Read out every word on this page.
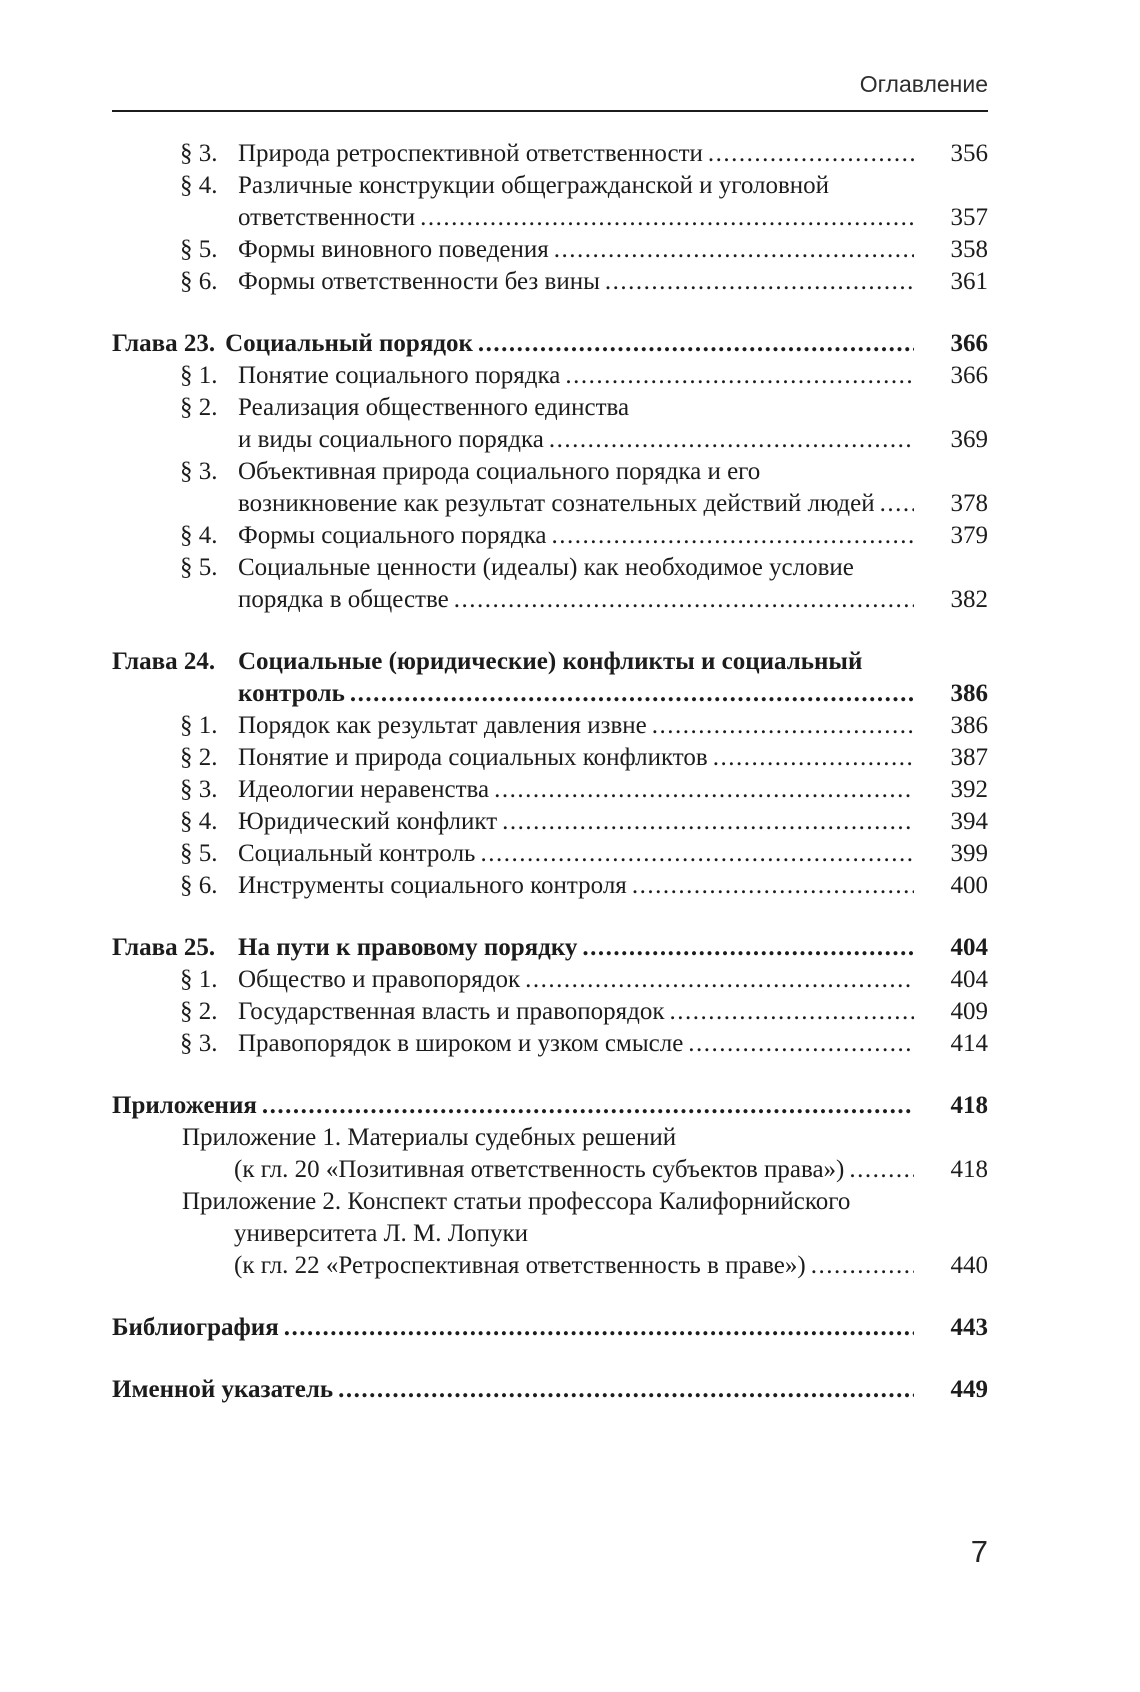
Оглавление
§ 3. Природа ретроспективной ответственности .....	356
§ 4. Различные конструкции общегражданской и уголовной
ответственности .....	357
§ 5. Формы виновного поведения .....	358
§ 6. Формы ответственности без вины .....	361
Глава 23. Социальный порядок .....	366
§ 1. Понятие социального порядка .....	366
§ 2. Реализация общественного единства
и виды социального порядка .....	369
§ 3. Объективная природа социального порядка и его
возникновение как результат сознательных действий людей .....	378
§ 4. Формы социального порядка .....	379
§ 5. Социальные ценности (идеалы) как необходимое условие
порядка в обществе .....	382
Глава 24. Социальные (юридические) конфликты и социальный
контроль .....	386
§ 1. Порядок как результат давления извне .....	386
§ 2. Понятие и природа социальных конфликтов .....	387
§ 3. Идеологии неравенства .....	392
§ 4. Юридический конфликт .....	394
§ 5. Социальный контроль .....	399
§ 6. Инструменты социального контроля .....	400
Глава 25. На пути к правовому порядку .....	404
§ 1. Общество и правопорядок .....	404
§ 2. Государственная власть и правопорядок .....	409
§ 3. Правопорядок в широком и узком смысле .....	414
Приложения .....	418
Приложение 1. Материалы судебных решений
(к гл. 20 «Позитивная ответственность субъектов права») .....	418
Приложение 2. Конспект статьи профессора Калифорнийского
университета Л. М. Лопуки
(к гл. 22 «Ретроспективная ответственность в праве») .....	440
Библиография .....	443
Именной указатель .....	449
7
